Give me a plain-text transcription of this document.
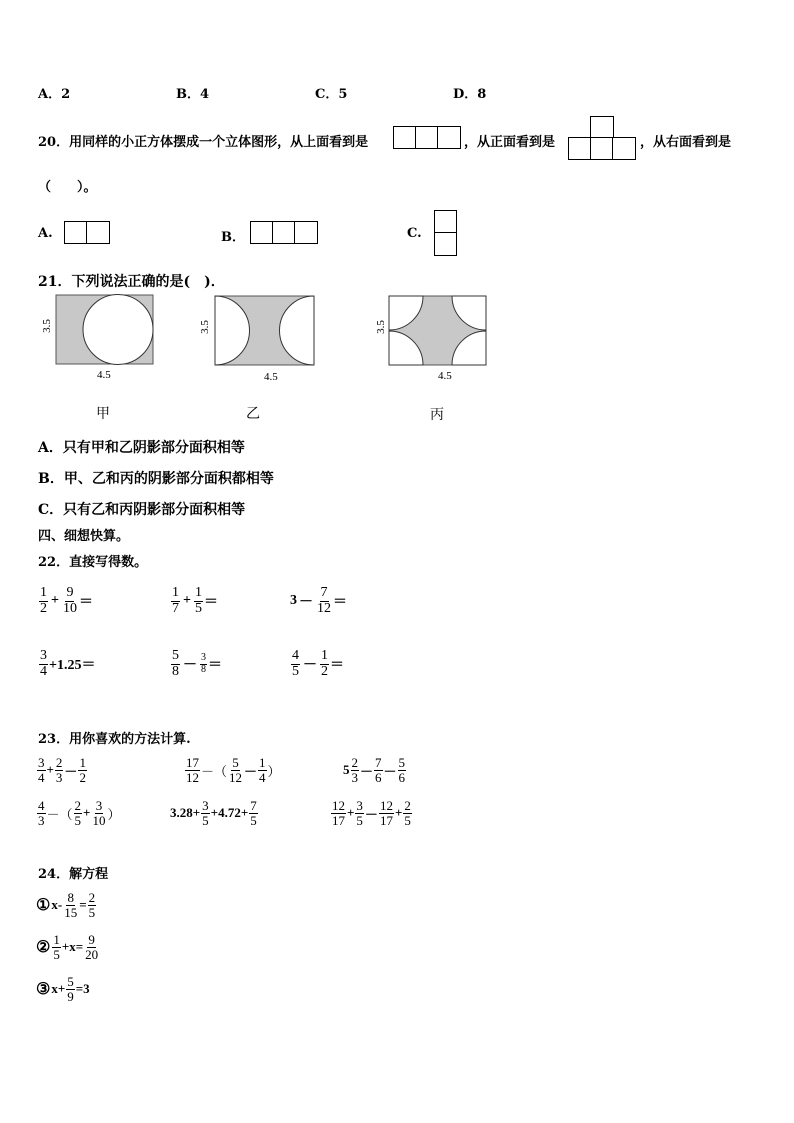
A．2	B．4	C．5	D．8
20．用同样的小正方体摆成一个立体图形，从上面看到是	，从正面看到是	，从右面看到是
（　　）。
A.	B．	C.
21．下列说法正确的是(　)．
3.5
4.5
甲
3.5
4.5
乙
3.5
4.5
丙
A．只有甲和乙阴影部分面积相等
B．甲、乙和丙的阴影部分面积都相等
C．只有乙和丙阴影部分面积相等
四、细想快算。
22．直接写得数。
$\frac{1}{2} + \frac{9}{10}$ ＝	$\frac{1}{7} + \frac{1}{5}$ ＝	$3 - \frac{7}{12}$ ＝
$\frac{3}{4} +1.25=$	$\frac{5}{8} - \frac{3}{8}$ ＝	$\frac{4}{5} - \frac{1}{2}$ ＝
23．用你喜欢的方法计算.
$\frac{3}{4} + \frac{2}{3} - \frac{1}{2}$	$\frac{17}{12}$ －（ $\frac{5}{12} - \frac{1}{4}$ ）	$5 \frac{2}{3} - \frac{7}{6} - \frac{5}{6}$
$\frac{4}{3}$ －（ $\frac{2}{5} + \frac{3}{10}$ ）	$3.28+ \frac{3}{5} +4.72+ \frac{7}{5}$	$\frac{12}{17} + \frac{3}{5} - \frac{12}{17} + \frac{2}{5}$
24．解方程
① $x- \frac{8}{15} = \frac{2}{5}$
② $\frac{1}{5} +x= \frac{9}{20}$
③ $x+ \frac{5}{9} =3$
